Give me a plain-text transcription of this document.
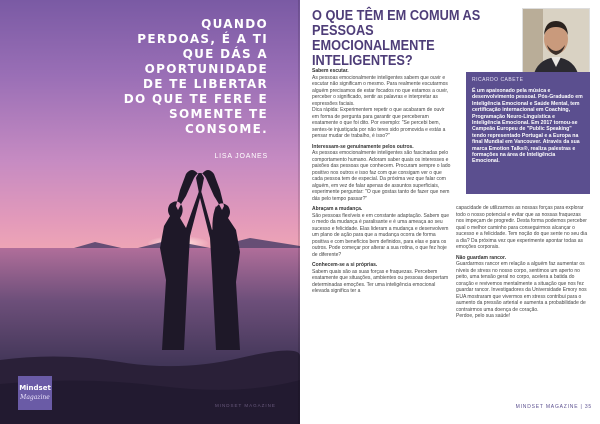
QUANDO
PERDOAS, É A TI
QUE DÁS A
OPORTUNIDADE
DE TE LIBERTAR
DO QUE TE FERE E
SOMENTE TE
CONSOME.
LISA JOANES
Mindset
Magazine
MINDSET MAGAZINE
O QUE TÊM EM COMUM AS PESSOAS EMOCIONALMENTE INTELIGENTES?
RICARDO CABETE
É um apaixonado pela música e desenvolvimento pessoal. Pós-Graduado em Inteligência Emocional e Saúde Mental, tem certificação internacional em Coaching, Programação Neuro-Linguística e Inteligência Emocional. Em 2017 tornou-se Campeão Europeu de "Public Speaking" tendo representado Portugal e a Europa na final Mundial em Vancouver. Através da sua marca Emotion Talks®, realiza palestras e formações na área de Inteligência Emocional.

Sabem escutar.

As pessoas emocionalmente inteligentes sabem que ouvir e escutar não significam o mesmo. Para realmente escutarmos alguém precisamos de estar focados no que estamos a ouvir, perceber o significado, sentir as palavras e interpretar as expressões faciais.

Dica rápida: Experimentem repetir o que acabaram de ouvir em forma de pergunta para garantir que perceberam exatamente o que foi dito. Por exemplo: "Se percebi bem, sentes-te injustiçada por não teres sido promovida e estás a pensar mudar de trabalho, é isso?"

Interessam-se genuinamente pelos outros.

As pessoas emocionalmente inteligentes são fascinadas pelo comportamento humano. Adoram saber quais os interesses e paixões das pessoas que conhecem. Procuram sempre o lado positivo nos outros e isso faz com que consigam ver o que cada pessoa tem de especial. Da próxima vez que falar com alguém, em vez de falar apenas de assuntos superficiais, experimente perguntar: "O que gostas tanto de fazer que nem dás pelo tempo passar?"

Abraçam a mudança.

São pessoas flexíveis e em constante adaptação. Sabem que o medo da mudança é paralisante e é uma ameaça ao seu sucesso e felicidade. Elas lideram a mudança e desenvolvem um plano de ação para que a mudança ocorra de forma positiva e com benefícios bem definidos, para elas e para os outros. Pode começar por alterar a sua rotina, o que fez hoje de diferente?

Conhecem-se a si próprias.

Sabem quais são as suas forças e fraquezas. Percebem exatamente que situações, ambientes ou pessoas despertam determinadas emoções. Ter uma inteligência emocional elevada significa ter a

capacidade de utilizarmos as nossas forças para explorar todo o nosso potencial e evitar que as nossas fraquezas nos impeçam de progredir. Desta forma podemos perceber qual o melhor caminho para conseguirmos alcançar o sucesso e a felicidade. Tem noção do que sente no seu dia a dia? Da próxima vez que experimente apontar todas as emoções corporais.

Não guardam rancor.

Guardarmos rancor em relação a alguém faz aumentar os níveis de stress no nosso corpo, sentimos um aperto no peito, uma tensão geral no corpo, acelera a batida do coração e revivemos mentalmente a situação que nos fez guardar rancor. Investigadores da Universidade Emory nos EUA mostraram que vivermos em stress contribui para o aumento da pressão arterial e aumenta a probabilidade de contrairmos uma doença de coração.

Perdoe, pelo sua saúde!

MINDSET MAGAZINE | 35
